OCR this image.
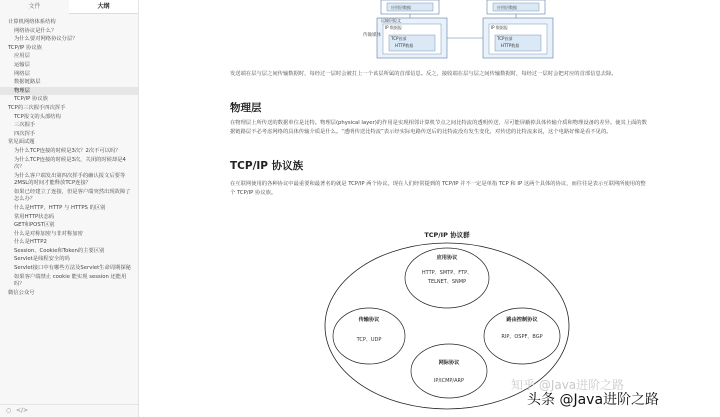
文件	大纲
计算机网络体系结构
网络协议是什么？
为什么要对网络协议分层？
TCP/IP 协议族
应用层
运输层
网络层
数据链路层
物理层
TCP/IP 协议族
TCP的三次握手四次挥手
TCP报文的头部结构
三次握手
四次挥手
常见面试题
为什么TCP连接的时候是3次？2次不可以吗？
为什么TCP连接的时候是3次，关闭的时候却是4次？
为什么客户端发出第四次挥手的确认报文后要等2MSL的时间才能释放TCP连接？
如果已经建立了连接，但是客户端突然出现故障了怎么办？
什么是HTTP，HTTP 与 HTTPS 的区别
常用HTTP状态码
GET和POST区别
什么是对称加密与非对称加密
什么是HTTP2
Session、Cookie和Token的主要区别
Servlet是线程安全的吗
Servlet接口中有哪些方法及Servlet生命周期探秘
如果客户端禁止 cookie 能实现 session 还能用吗？
微信公众号
○ </>
传输媒体
运输层报文
IP 数据报
TCP首部
HTTP数据
应用层数据
IP 数据报
TCP首部
HTTP数据
应用层数据
发送端在层与层之间传输数据时，每经过一层时会被打上一个该层所属的首部信息。反之，接收端在层与层之间传输数据时，每经过一层时会把对应的首部信息去除。
物理层
在物理层上所传送的数据单位是比特。物理层(physical layer)的作用是实现相邻计算机节点之间比特流的透明传送，尽可能屏蔽掉具体传输介质和物理设备的差异。使其上面的数据链路层不必考虑网络的具体传输介质是什么。“透明传送比特流”表示经实际电路传送后的比特流没有发生变化，对传送的比特流来说，这个电路好像是看不见的。
TCP/IP 协议族
在互联网使用的各种协议中最重要和最著名的就是 TCP/IP 两个协议。现在人们经常提到的 TCP/IP 并不一定是单指 TCP 和 IP 这两个具体的协议，而往往是表示互联网所使用的整个 TCP/IP 协议族。
TCP/IP 协议群
应用协议
HTTP、SMTP、FTP、
TELNET、SNMP
传输协议
TCP、UDP
路由控制协议
RIP、OSPF、BGP
网际协议
IP/ICMP/ARP	知乎 @Java进阶之路
头条 @Java进阶之路
